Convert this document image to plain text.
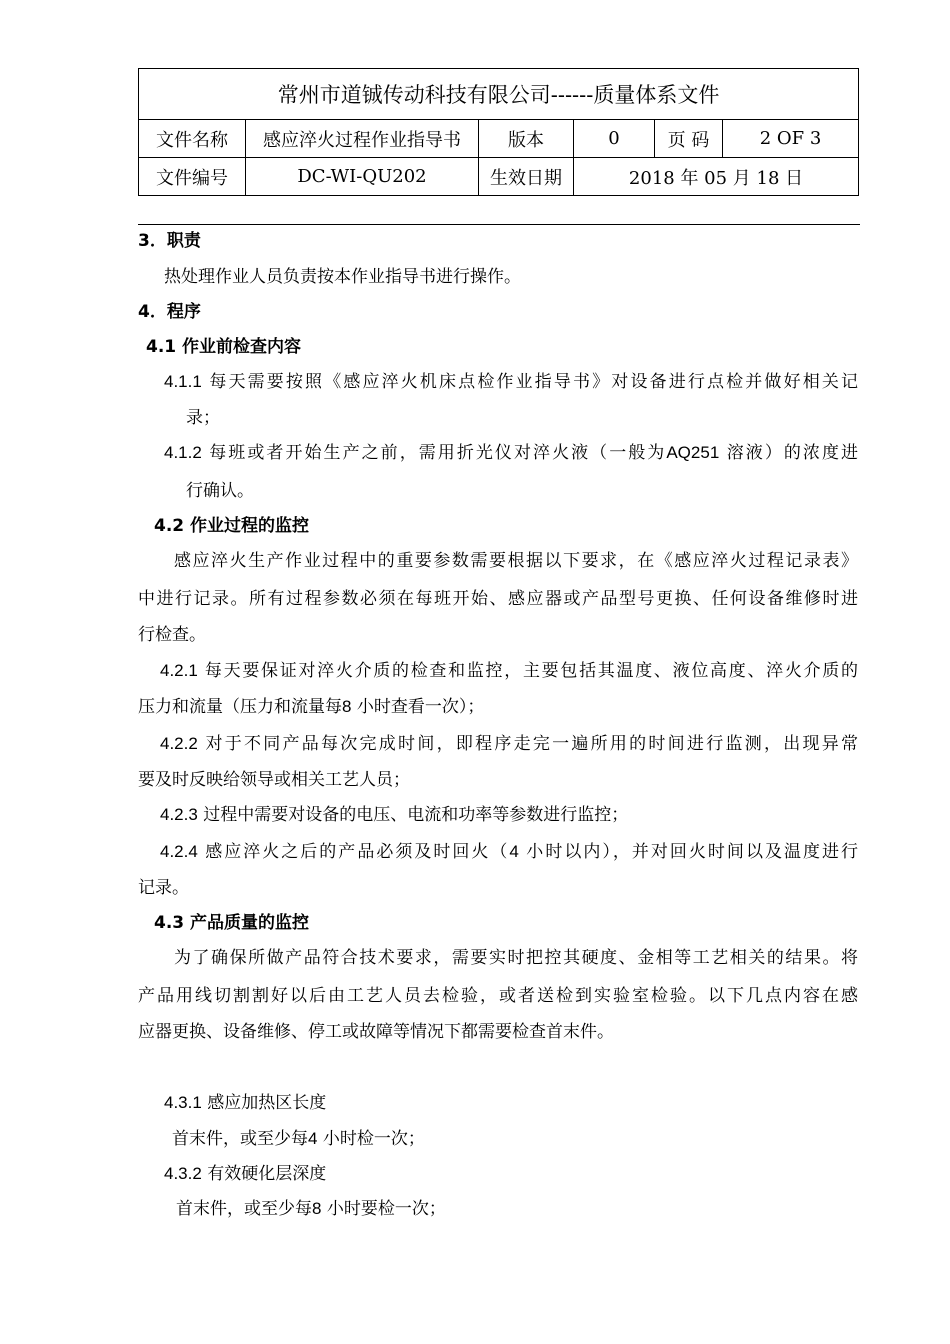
常州市道铖传动科技有限公司------质量体系文件					
文件名称	感应淬火过程作业指导书	版本	0	页 码	2 OF 3
文件编号	DC-WI-QU202	生效日期	2018 年 05 月 18 日		
3．职责
热处理作业人员负责按本作业指导书进行操作。
4．程序
4.1 作业前检查内容
4.1.1 每天需要按照《感应淬火机床点检作业指导书》对设备进行点检并做好相关记
录；
4.1.2 每班或者开始生产之前，需用折光仪对淬火液（一般为AQ251 溶液）的浓度进
行确认。
4.2 作业过程的监控
感应淬火生产作业过程中的重要参数需要根据以下要求，在《感应淬火过程记录表》
中进行记录。所有过程参数必须在每班开始、感应器或产品型号更换、任何设备维修时进
行检查。
4.2.1 每天要保证对淬火介质的检查和监控，主要包括其温度、液位高度、淬火介质的
压力和流量（压力和流量每8 小时查看一次）；
4.2.2 对于不同产品每次完成时间，即程序走完一遍所用的时间进行监测，出现异常
要及时反映给领导或相关工艺人员；
4.2.3 过程中需要对设备的电压、电流和功率等参数进行监控；
4.2.4 感应淬火之后的产品必须及时回火（4 小时以内），并对回火时间以及温度进行
记录。
4.3 产品质量的监控
为了确保所做产品符合技术要求，需要实时把控其硬度、金相等工艺相关的结果。将
产品用线切割割好以后由工艺人员去检验，或者送检到实验室检验。以下几点内容在感
应器更换、设备维修、停工或故障等情况下都需要检查首末件。
4.3.1 感应加热区长度
首末件，或至少每4 小时检一次；
4.3.2 有效硬化层深度
首末件，或至少每8 小时要检一次；
